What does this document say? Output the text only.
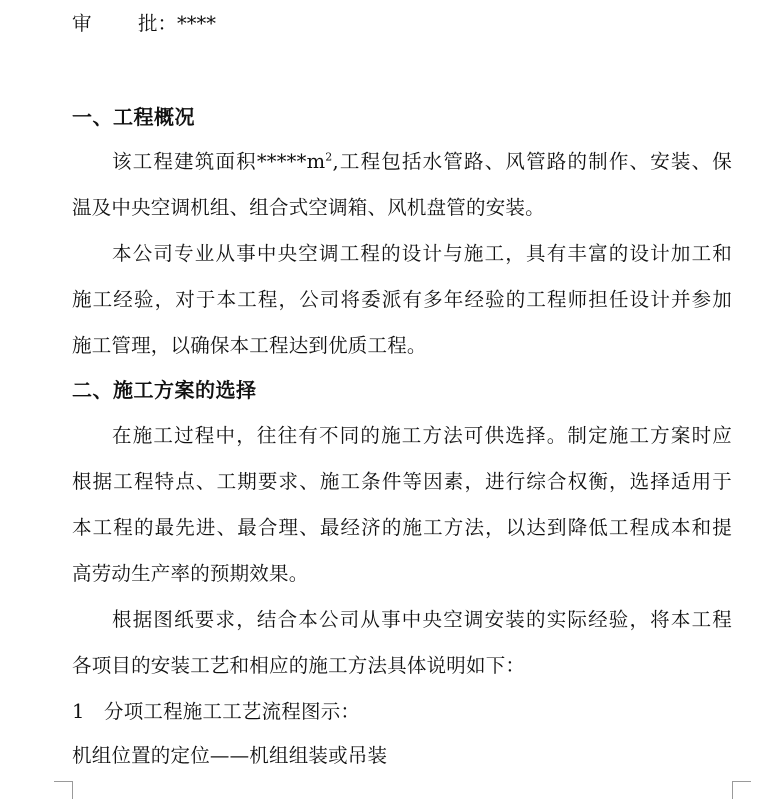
审 批：****
一、工程概况
该工程建筑面积$*****m^2$,工程包括水管路、风管路的制作、安装、保
温及中央空调机组、组合式空调箱、风机盘管的安装。
本公司专业从事中央空调工程的设计与施工，具有丰富的设计加工和
施工经验，对于本工程，公司将委派有多年经验的工程师担任设计并参加
施工管理，以确保本工程达到优质工程。
二、施工方案的选择
在施工过程中，往往有不同的施工方法可供选择。制定施工方案时应
根据工程特点、工期要求、施工条件等因素，进行综合权衡，选择适用于
本工程的最先进、最合理、最经济的施工方法，以达到降低工程成本和提
高劳动生产率的预期效果。
根据图纸要求，结合本公司从事中央空调安装的实际经验，将本工程
各项目的安装工艺和相应的施工方法具体说明如下：
1 分项工程施工工艺流程图示：
机组位置的定位——机组组装或吊装
